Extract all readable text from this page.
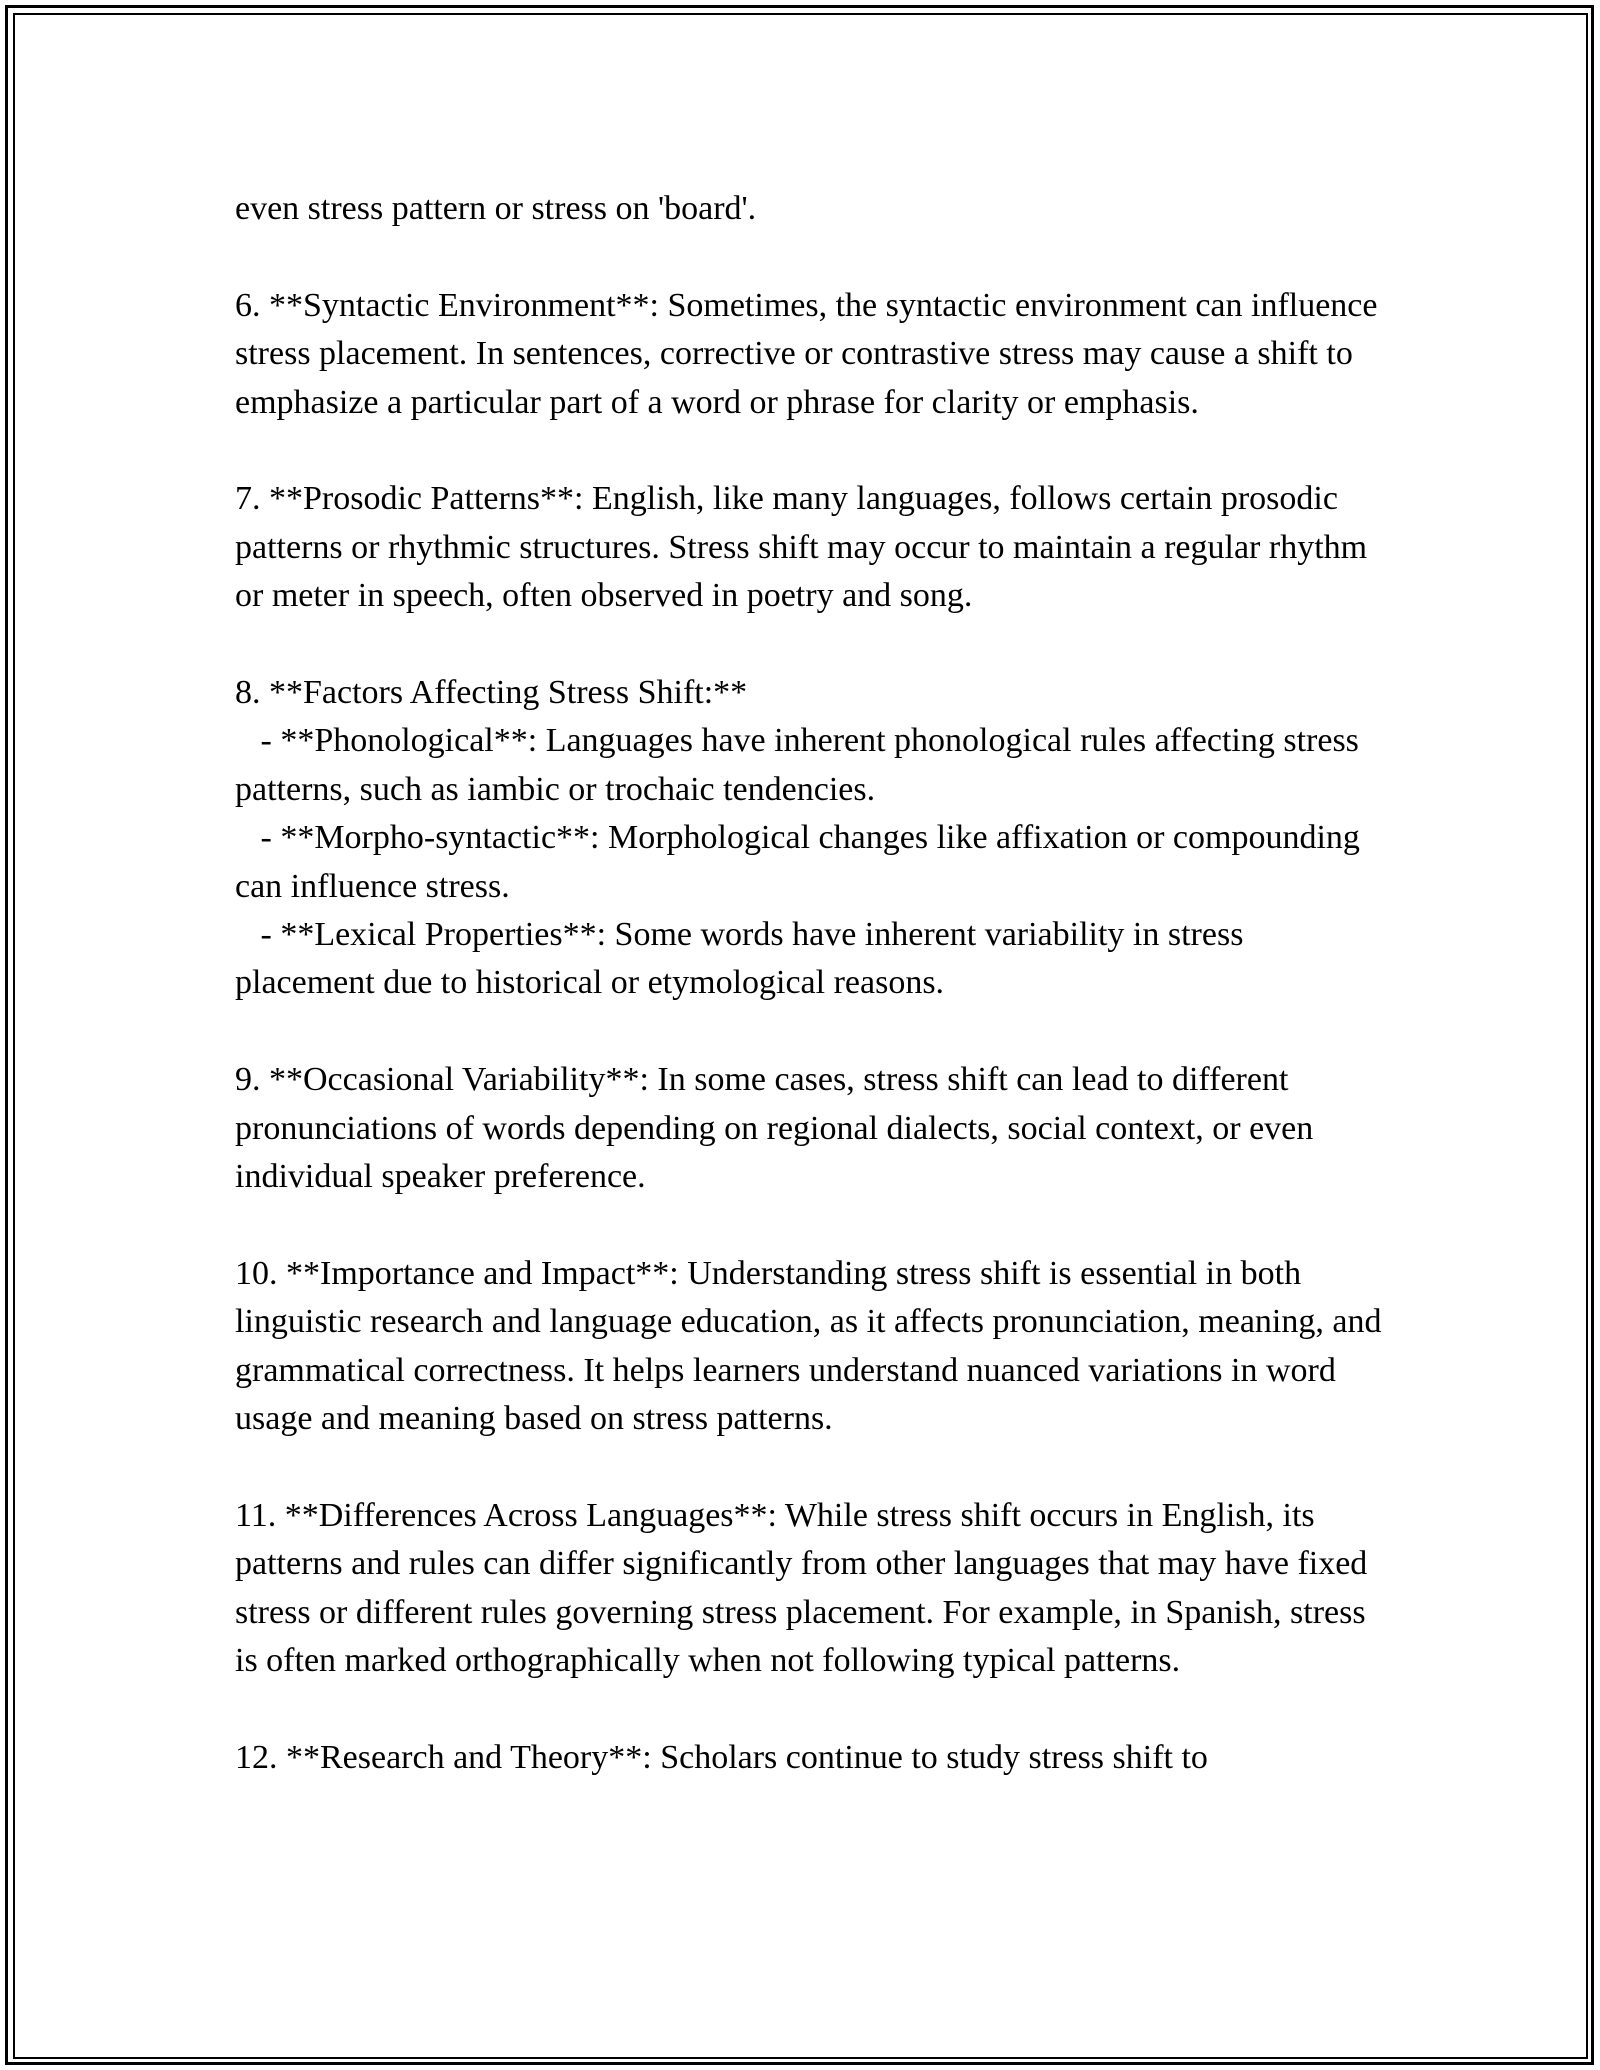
even stress pattern or stress on 'board'.

6. **Syntactic Environment**: Sometimes, the syntactic environment can influence stress placement. In sentences, corrective or contrastive stress may cause a shift to emphasize a particular part of a word or phrase for clarity or emphasis.

7. **Prosodic Patterns**: English, like many languages, follows certain prosodic patterns or rhythmic structures. Stress shift may occur to maintain a regular rhythm or meter in speech, often observed in poetry and song.

8. **Factors Affecting Stress Shift:**
- **Phonological**: Languages have inherent phonological rules affecting stress patterns, such as iambic or trochaic tendencies.
- **Morpho-syntactic**: Morphological changes like affixation or compounding can influence stress.
- **Lexical Properties**: Some words have inherent variability in stress placement due to historical or etymological reasons.

9. **Occasional Variability**: In some cases, stress shift can lead to different pronunciations of words depending on regional dialects, social context, or even individual speaker preference.

10. **Importance and Impact**: Understanding stress shift is essential in both linguistic research and language education, as it affects pronunciation, meaning, and grammatical correctness. It helps learners understand nuanced variations in word usage and meaning based on stress patterns.

11. **Differences Across Languages**: While stress shift occurs in English, its patterns and rules can differ significantly from other languages that may have fixed stress or different rules governing stress placement. For example, in Spanish, stress is often marked orthographically when not following typical patterns.

12. **Research and Theory**: Scholars continue to study stress shift to
